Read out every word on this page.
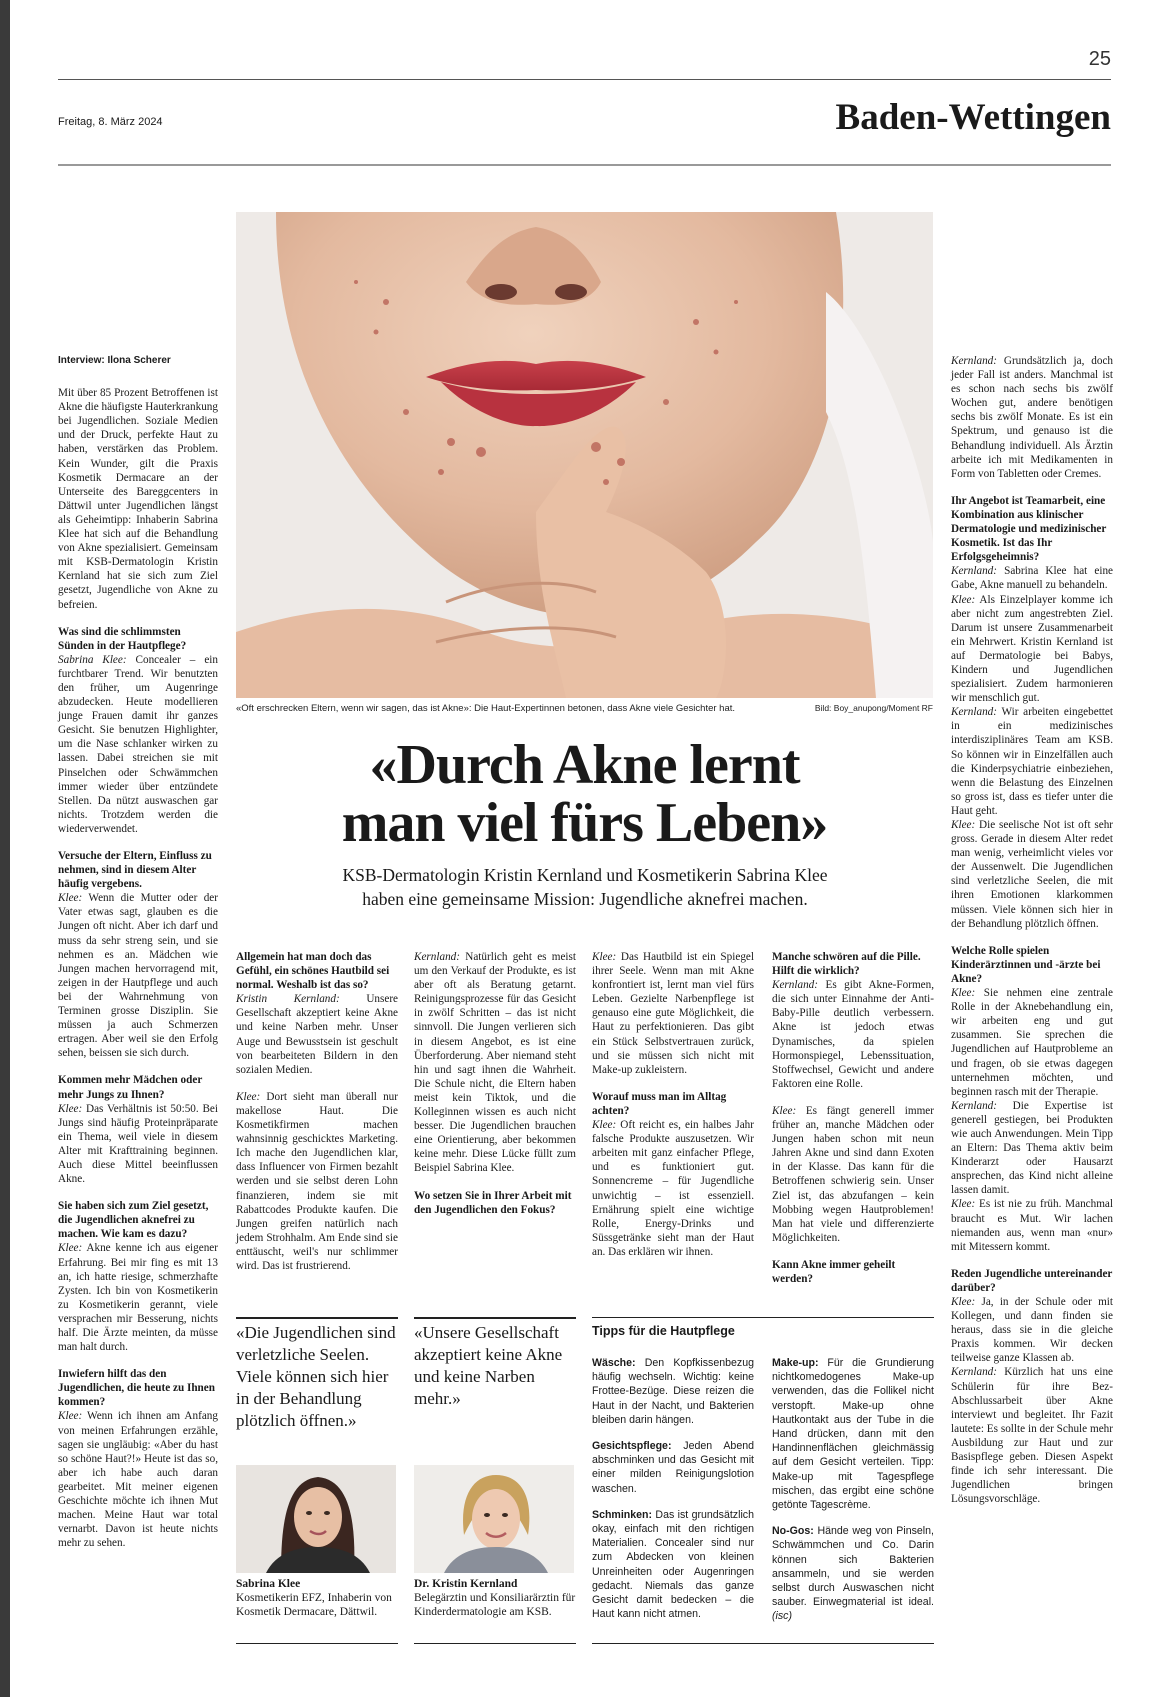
25
Freitag, 8. März 2024	Baden-Wettingen
«Oft erschrecken Eltern, wenn wir sagen, das ist Akne»: Die Haut-Expertinnen betonen, dass Akne viele Gesichter hat.	Bild: Boy_anupong/Moment RF
«Durch Akne lernt
man viel fürs Leben»
KSB-Dermatologin Kristin Kernland und Kosmetikerin Sabrina Klee
haben eine gemeinsame Mission: Jugendliche aknefrei machen.
Interview: Ilona Scherer

Mit über 85 Prozent Betroffenen ist Akne die häufigste Hauterkrankung bei Jugendlichen. Soziale Medien und der Druck, perfekte Haut zu haben, verstärken das Problem. Kein Wunder, gilt die Praxis Kosmetik Dermacare an der Unterseite des Bareggcenters in Dättwil unter Jugendlichen längst als Geheimtipp: Inhaberin Sabrina Klee hat sich auf die Behandlung von Akne spezialisiert. Gemeinsam mit KSB-Dermatologin Kristin Kernland hat sie sich zum Ziel gesetzt, Jugendliche von Akne zu befreien.

Was sind die schlimmsten Sünden in der Hautpflege?

Sabrina Klee: Concealer – ein furchtbarer Trend. Wir benutzten den früher, um Augenringe abzudecken. Heute modellieren junge Frauen damit ihr ganzes Gesicht. Sie benutzen Highlighter, um die Nase schlanker wirken zu lassen. Dabei streichen sie mit Pinselchen oder Schwämmchen immer wieder über entzündete Stellen. Da nützt auswaschen gar nichts. Trotzdem werden die wiederverwendet.

Versuche der Eltern, Einfluss zu nehmen, sind in diesem Alter häufig vergebens.

Klee: Wenn die Mutter oder der Vater etwas sagt, glauben es die Jungen oft nicht. Aber ich darf und muss da sehr streng sein, und sie nehmen es an. Mädchen wie Jungen machen hervorragend mit, zeigen in der Hautpflege und auch bei der Wahrnehmung von Terminen grosse Disziplin. Sie müssen ja auch Schmerzen ertragen. Aber weil sie den Erfolg sehen, beissen sie sich durch.

Kommen mehr Mädchen oder mehr Jungs zu Ihnen?

Klee: Das Verhältnis ist 50:50. Bei Jungs sind häufig Proteinpräparate ein Thema, weil viele in diesem Alter mit Krafttraining beginnen. Auch diese Mittel beeinflussen Akne.

Sie haben sich zum Ziel gesetzt, die Jugendlichen aknefrei zu machen. Wie kam es dazu?

Klee: Akne kenne ich aus eigener Erfahrung. Bei mir fing es mit 13 an, ich hatte riesige, schmerzhafte Zysten. Ich bin von Kosmetikerin zu Kosmetikerin gerannt, viele versprachen mir Besserung, nichts half. Die Ärzte meinten, da müsse man halt durch.

Inwiefern hilft das den Jugendlichen, die heute zu Ihnen kommen?

Klee: Wenn ich ihnen am Anfang von meinen Erfahrungen erzähle, sagen sie ungläubig: «Aber du hast so schöne Haut?!» Heute ist das so, aber ich habe auch daran gearbeitet. Mit meiner eigenen Geschichte möchte ich ihnen Mut machen. Meine Haut war total vernarbt. Davon ist heute nichts mehr zu sehen.

Allgemein hat man doch das Gefühl, ein schönes Hautbild sei normal. Weshalb ist das so?

Kristin Kernland: Unsere Gesellschaft akzeptiert keine Akne und keine Narben mehr. Unser Auge und Bewusstsein ist geschult von bearbeiteten Bildern in den sozialen Medien.

Klee: Dort sieht man überall nur makellose Haut. Die Kosmetikfirmen machen wahnsinnig geschicktes Marketing. Ich mache den Jugendlichen klar, dass Influencer von Firmen bezahlt werden und sie selbst deren Lohn finanzieren, indem sie mit Rabattcodes Produkte kaufen. Die Jungen greifen natürlich nach jedem Strohhalm. Am Ende sind sie enttäuscht, weil's nur schlimmer wird. Das ist frustrierend.

Kernland: Natürlich geht es meist um den Verkauf der Produkte, es ist aber oft als Beratung getarnt. Reinigungsprozesse für das Gesicht in zwölf Schritten – das ist nicht sinnvoll. Die Jungen verlieren sich in diesem Angebot, es ist eine Überforderung. Aber niemand steht hin und sagt ihnen die Wahrheit. Die Schule nicht, die Eltern haben meist kein Tiktok, und die Kolleginnen wissen es auch nicht besser. Die Jugendlichen brauchen eine Orientierung, aber bekommen keine mehr. Diese Lücke füllt zum Beispiel Sabrina Klee.

Wo setzen Sie in Ihrer Arbeit mit den Jugendlichen den Fokus?

Klee: Das Hautbild ist ein Spiegel ihrer Seele. Wenn man mit Akne konfrontiert ist, lernt man viel fürs Leben. Gezielte Narbenpflege ist genauso eine gute Möglichkeit, die Haut zu perfektionieren. Das gibt ein Stück Selbstvertrauen zurück, und sie müssen sich nicht mit Make-up zukleistern.

Worauf muss man im Alltag achten?

Klee: Oft reicht es, ein halbes Jahr falsche Produkte auszusetzen. Wir arbeiten mit ganz einfacher Pflege, und es funktioniert gut. Sonnencreme – für Jugendliche unwichtig – ist essenziell. Ernährung spielt eine wichtige Rolle, Energy-Drinks und Süssgetränke sieht man der Haut an. Das erklären wir ihnen.

Manche schwören auf die Pille. Hilft die wirklich?

Kernland: Es gibt Akne-Formen, die sich unter Einnahme der Anti-Baby-Pille deutlich verbessern. Akne ist jedoch etwas Dynamisches, da spielen Hormonspiegel, Lebenssituation, Stoffwechsel, Gewicht und andere Faktoren eine Rolle.

Klee: Es fängt generell immer früher an, manche Mädchen oder Jungen haben schon mit neun Jahren Akne und sind dann Exoten in der Klasse. Das kann für die Betroffenen schwierig sein. Unser Ziel ist, das abzufangen – kein Mobbing wegen Hautproblemen! Man hat viele und differenzierte Möglichkeiten.

Kann Akne immer geheilt werden?

Kernland: Grundsätzlich ja, doch jeder Fall ist anders. Manchmal ist es schon nach sechs bis zwölf Wochen gut, andere benötigen sechs bis zwölf Monate. Es ist ein Spektrum, und genauso ist die Behandlung individuell. Als Ärztin arbeite ich mit Medikamenten in Form von Tabletten oder Cremes.

Ihr Angebot ist Teamarbeit, eine Kombination aus klinischer Dermatologie und medizinischer Kosmetik. Ist das Ihr Erfolgsgeheimnis?

Kernland: Sabrina Klee hat eine Gabe, Akne manuell zu behandeln.

Klee: Als Einzelplayer komme ich aber nicht zum angestrebten Ziel. Darum ist unsere Zusammenarbeit ein Mehrwert. Kristin Kernland ist auf Dermatologie bei Babys, Kindern und Jugendlichen spezialisiert. Zudem harmonieren wir menschlich gut.

Kernland: Wir arbeiten eingebettet in ein medizinisches interdisziplinäres Team am KSB. So können wir in Einzelfällen auch die Kinderpsychiatrie einbeziehen, wenn die Belastung des Einzelnen so gross ist, dass es tiefer unter die Haut geht.

Klee: Die seelische Not ist oft sehr gross. Gerade in diesem Alter redet man wenig, verheimlicht vieles vor der Aussenwelt. Die Jugendlichen sind verletzliche Seelen, die mit ihren Emotionen klarkommen müssen. Viele können sich hier in der Behandlung plötzlich öffnen.

Welche Rolle spielen Kinderärztinnen und -ärzte bei Akne?

Klee: Sie nehmen eine zentrale Rolle in der Aknebehandlung ein, wir arbeiten eng und gut zusammen. Sie sprechen die Jugendlichen auf Hautprobleme an und fragen, ob sie etwas dagegen unternehmen möchten, und beginnen rasch mit der Therapie.

Kernland: Die Expertise ist generell gestiegen, bei Produkten wie auch Anwendungen. Mein Tipp an Eltern: Das Thema aktiv beim Kinderarzt oder Hausarzt ansprechen, das Kind nicht alleine lassen damit.

Klee: Es ist nie zu früh. Manchmal braucht es Mut. Wir lachen niemanden aus, wenn man «nur» mit Mitessern kommt.

Reden Jugendliche untereinander darüber?

Klee: Ja, in der Schule oder mit Kollegen, und dann finden sie heraus, dass sie in die gleiche Praxis kommen. Wir decken teilweise ganze Klassen ab.

Kernland: Kürzlich hat uns eine Schülerin für ihre Bez-Abschlussarbeit über Akne interviewt und begleitet. Ihr Fazit lautete: Es sollte in der Schule mehr Ausbildung zur Haut und zur Basispflege geben. Diesen Aspekt finde ich sehr interessant. Die Jugendlichen bringen Lösungsvorschläge.

«Die Jugendlichen sind verletzliche Seelen. Viele können sich hier in der Behandlung plötzlich öffnen.»
Sabrina Klee
Kosmetikerin EFZ, Inhaberin von Kosmetik Dermacare, Dättwil.
«Unsere Gesellschaft akzeptiert keine Akne und keine Narben mehr.»
Dr. Kristin Kernland
Belegärztin und Konsiliarärztin für Kinderdermatologie am KSB.
Tipps für die Hautpflege

Wäsche: Den Kopfkissenbezug häufig wechseln. Wichtig: keine Frottee-Bezüge. Diese reizen die Haut in der Nacht, und Bakterien bleiben darin hängen.

Gesichtspflege: Jeden Abend abschminken und das Gesicht mit einer milden Reinigungslotion waschen.

Schminken: Das ist grundsätzlich okay, einfach mit den richtigen Materialien. Concealer sind nur zum Abdecken von kleinen Unreinheiten oder Augenringen gedacht. Niemals das ganze Gesicht damit bedecken – die Haut kann nicht atmen.

Make-up: Für die Grundierung nichtkomedogenes Make-up verwenden, das die Follikel nicht verstopft. Make-up ohne Hautkontakt aus der Tube in die Hand drücken, dann mit den Handinnenflächen gleichmässig auf dem Gesicht verteilen. Tipp: Make-up mit Tagespflege mischen, das ergibt eine schöne getönte Tagescrème.

No-Gos: Hände weg von Pinseln, Schwämmchen und Co. Darin können sich Bakterien ansammeln, und sie werden selbst durch Auswaschen nicht sauber. Einwegmaterial ist ideal. (isc)
